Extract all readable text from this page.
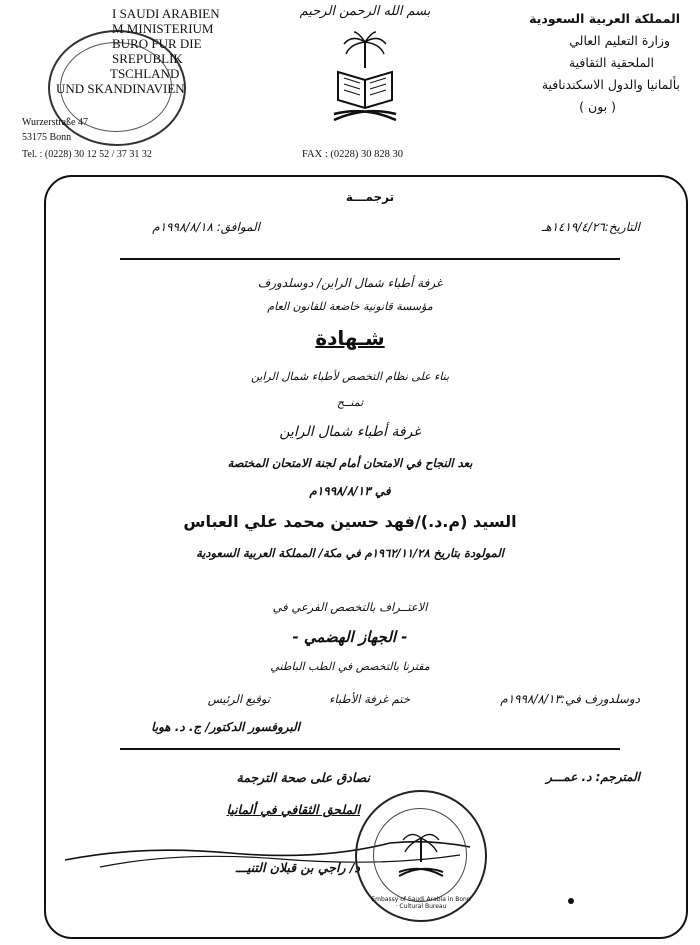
I SAUDI ARABIEN
M MINISTERIUM
BURO FUR DIE
SREPUBLIK
TSCHLAND
UND SKANDINAVIEN
Wurzerstraße 47
53175 Bonn
Tel. : (0228) 30 12 52 / 37 31 32
بسم الله الرحمن الرحيم
FAX : (0228) 30 828 30
المملكة العربية السعودية
وزارة التعليم العالي
الملحقية الثقافية
بألمانيا والدول الاسكندنافية
( بون )
ترجمـــة
التاريخ:١٤١٩/٤/٢٦هـ
الموافق: ١٩٩٨/٨/١٨م
غرفة أطباء شمال الراين/ دوسلدورف
مؤسسة قانونية خاضعة للقانون العام
شـهادة
بناء على نظام التخصص لأطباء شمال الراين
تمنــح
غرفة أطباء شمال الراين
بعد النجاح في الامتحان أمام لجنة الامتحان المختصة
في ١٩٩٨/٨/١٣م
السيد (م.د.)/فهد حسين محمد علي العباس
المولودة بتاريخ ١٩٦٢/١١/٢٨م في مكة/ المملكة العربية السعودية
الاعتــراف بالتخصص الفرعي في
- الجهاز الهضمي -
مقترنا بالتخصص في الطب الباطني
دوسلدورف في:١٩٩٨/٨/١٣م
ختم غرفة الأطباء
توقيع الرئيس
البروفسور الدكتور/ ج. د. هوبا
المترجم: د. عمـــر
نصادق على صحة الترجمة
الملحق الثقافي في ألمانيا
د/ راجي بن قبلان التنيـــ
Embassy of Saudi Arabia in Bonn · Cultural Bureau
